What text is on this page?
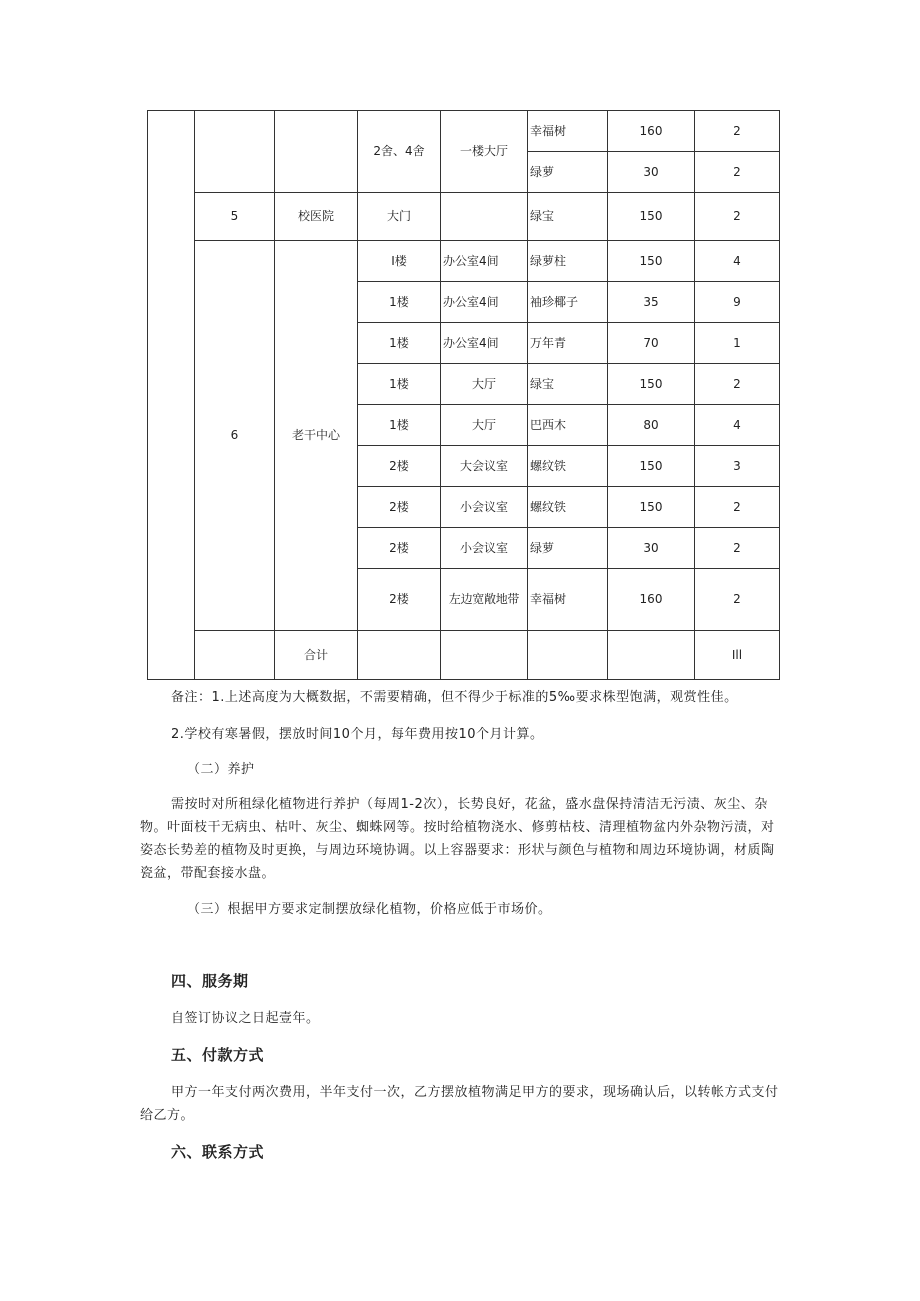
			2舍、4舍	一楼大厅	幸福树	160	2
					绿萝	30	2
	5	校医院	大门		绿宝	150	2
	6	老干中心	I楼	办公室4间	绿萝柱	150	4
			1楼	办公室4间	袖珍椰子	35	9
			1楼	办公室4间	万年青	70	1
			1楼	大厅	绿宝	150	2
			1楼	大厅	巴西木	80	4
			2楼	大会议室	螺纹铁	150	3
			2楼	小会议室	螺纹铁	150	2
			2楼	小会议室	绿萝	30	2
			2楼	左边宽敞地带	幸福树	160	2
		合计					Ill

备注：1.上述高度为大概数据，不需要精确，但不得少于标准的5‰要求株型饱满，观赏性佳。

2.学校有寒暑假，摆放时间10个月，每年费用按10个月计算。

（二）养护

需按时对所租绿化植物进行养护（每周1-2次），长势良好，花盆，盛水盘保持清洁无污渍、灰尘、杂物。叶面枝干无病虫、枯叶、灰尘、蜘蛛网等。按时给植物浇水、修剪枯枝、清理植物盆内外杂物污渍，对姿态长势差的植物及时更换，与周边环境协调。以上容器要求：形状与颜色与植物和周边环境协调，材质陶瓷盆，带配套接水盘。

（三）根据甲方要求定制摆放绿化植物，价格应低于市场价。

四、服务期

自签订协议之日起壹年。

五、付款方式

甲方一年支付两次费用，半年支付一次，乙方摆放植物满足甲方的要求，现场确认后，以转帐方式支付给乙方。

六、联系方式
